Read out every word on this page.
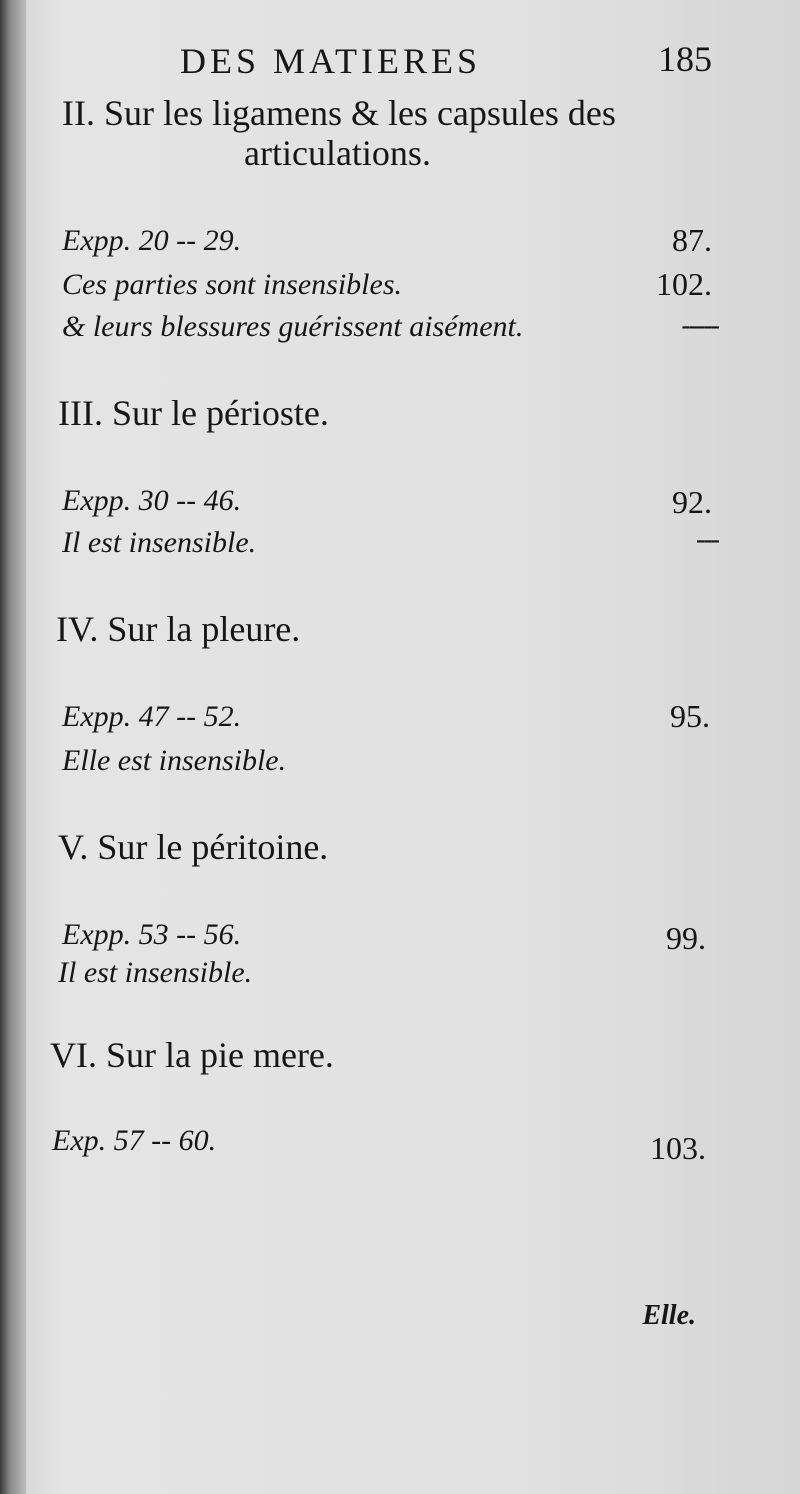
DES MATIERES	185
II. Sur les ligamens & les capsules des
articulations.
Expp. 20 -- 29.	87.
Ces parties sont insensibles.	102.
& leurs blessures guérissent aisément.	-----
III. Sur le périoste.
Expp. 30 -- 46.	92.
Il est insensible.	---
IV. Sur la pleure.
Expp. 47 -- 52.	95.
Elle est insensible.
V. Sur le péritoine.
Expp. 53 -- 56.	99.
Il est insensible.
VI. Sur la pie mere.
Exp. 57 -- 60.	103.
Elle.
